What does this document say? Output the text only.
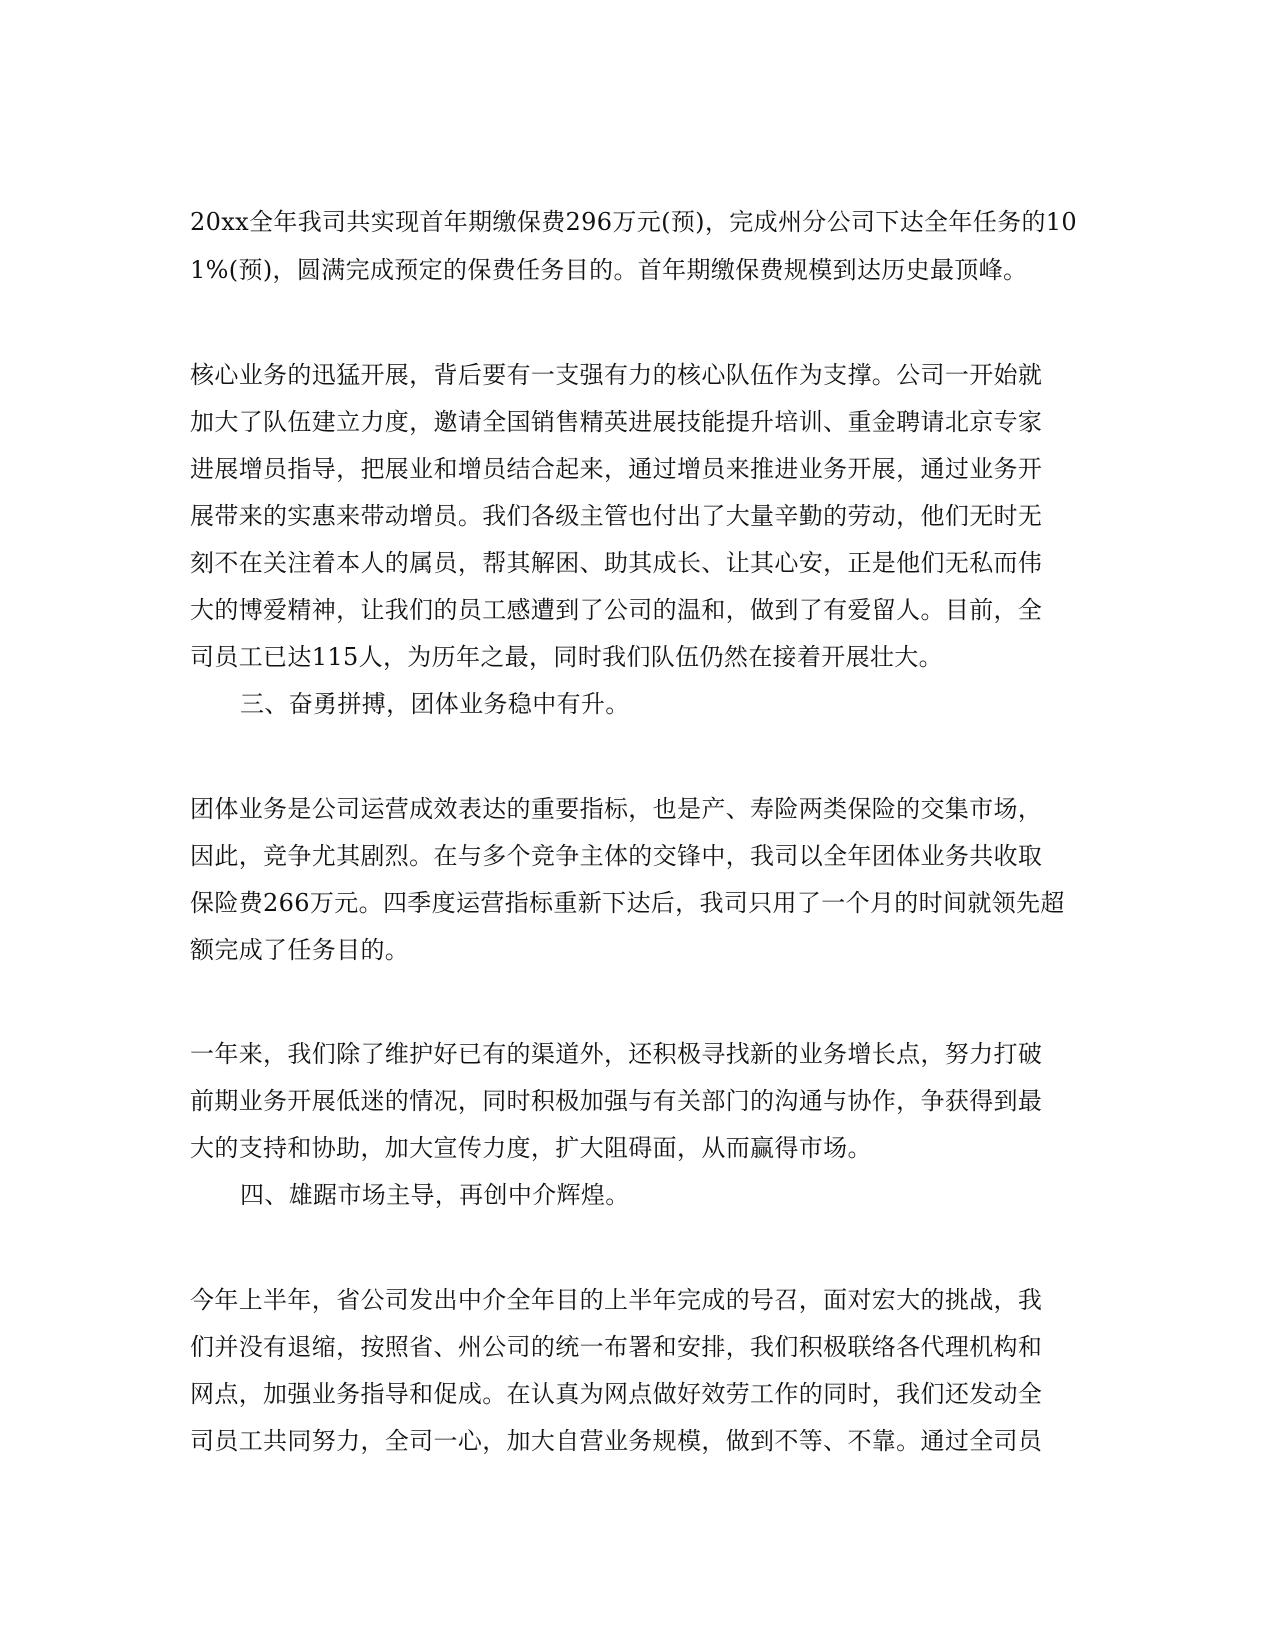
20xx全年我司共实现首年期缴保费296万元(预)，完成州分公司下达全年任务的10
1%(预)，圆满完成预定的保费任务目的。首年期缴保费规模到达历史最顶峰。
核心业务的迅猛开展，背后要有一支强有力的核心队伍作为支撑。公司一开始就
加大了队伍建立力度，邀请全国销售精英进展技能提升培训、重金聘请北京专家
进展增员指导，把展业和增员结合起来，通过增员来推进业务开展，通过业务开
展带来的实惠来带动增员。我们各级主管也付出了大量辛勤的劳动，他们无时无
刻不在关注着本人的属员，帮其解困、助其成长、让其心安，正是他们无私而伟
大的博爱精神，让我们的员工感遭到了公司的温和，做到了有爱留人。目前，全
司员工已达115人，为历年之最，同时我们队伍仍然在接着开展壮大。
三、奋勇拼搏，团体业务稳中有升。
团体业务是公司运营成效表达的重要指标，也是产、寿险两类保险的交集市场，
因此，竞争尤其剧烈。在与多个竞争主体的交锋中，我司以全年团体业务共收取
保险费266万元。四季度运营指标重新下达后，我司只用了一个月的时间就领先超
额完成了任务目的。
一年来，我们除了维护好已有的渠道外，还积极寻找新的业务增长点，努力打破
前期业务开展低迷的情况，同时积极加强与有关部门的沟通与协作，争获得到最
大的支持和协助，加大宣传力度，扩大阻碍面，从而赢得市场。
四、雄踞市场主导，再创中介辉煌。
今年上半年，省公司发出中介全年目的上半年完成的号召，面对宏大的挑战，我
们并没有退缩，按照省、州公司的统一布署和安排，我们积极联络各代理机构和
网点，加强业务指导和促成。在认真为网点做好效劳工作的同时，我们还发动全
司员工共同努力，全司一心，加大自营业务规模，做到不等、不靠。通过全司员
